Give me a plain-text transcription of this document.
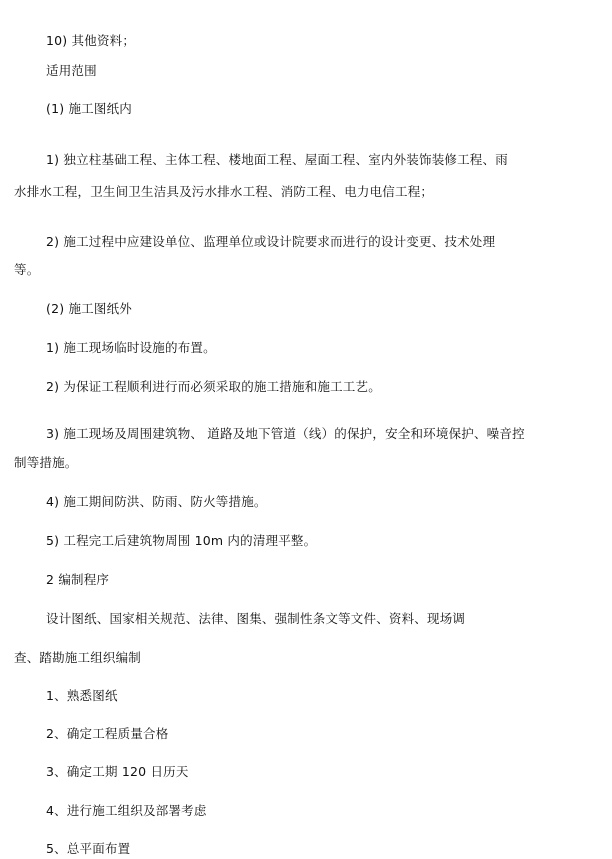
10) 其他资料；
适用范围
(1) 施工图纸内
1) 独立柱基础工程、主体工程、楼地面工程、屋面工程、室内外装饰装修工程、雨
水排水工程，卫生间卫生洁具及污水排水工程、消防工程、电力电信工程；
2) 施工过程中应建设单位、监理单位或设计院要求而进行的设计变更、技术处理
等。
(2) 施工图纸外
1) 施工现场临时设施的布置。
2) 为保证工程顺利进行而必须采取的施工措施和施工工艺。
3) 施工现场及周围建筑物、 道路及地下管道（线）的保护，安全和环境保护、噪音控
制等措施。
4) 施工期间防洪、防雨、防火等措施。
5) 工程完工后建筑物周围 10m 内的清理平整。
2 编制程序
设计图纸、国家相关规范、法律、图集、强制性条文等文件、资料、现场调
查、踏勘施工组织编制
1、熟悉图纸
2、确定工程质量合格
3、确定工期 120 日历天
4、进行施工组织及部署考虑
5、总平面布置
